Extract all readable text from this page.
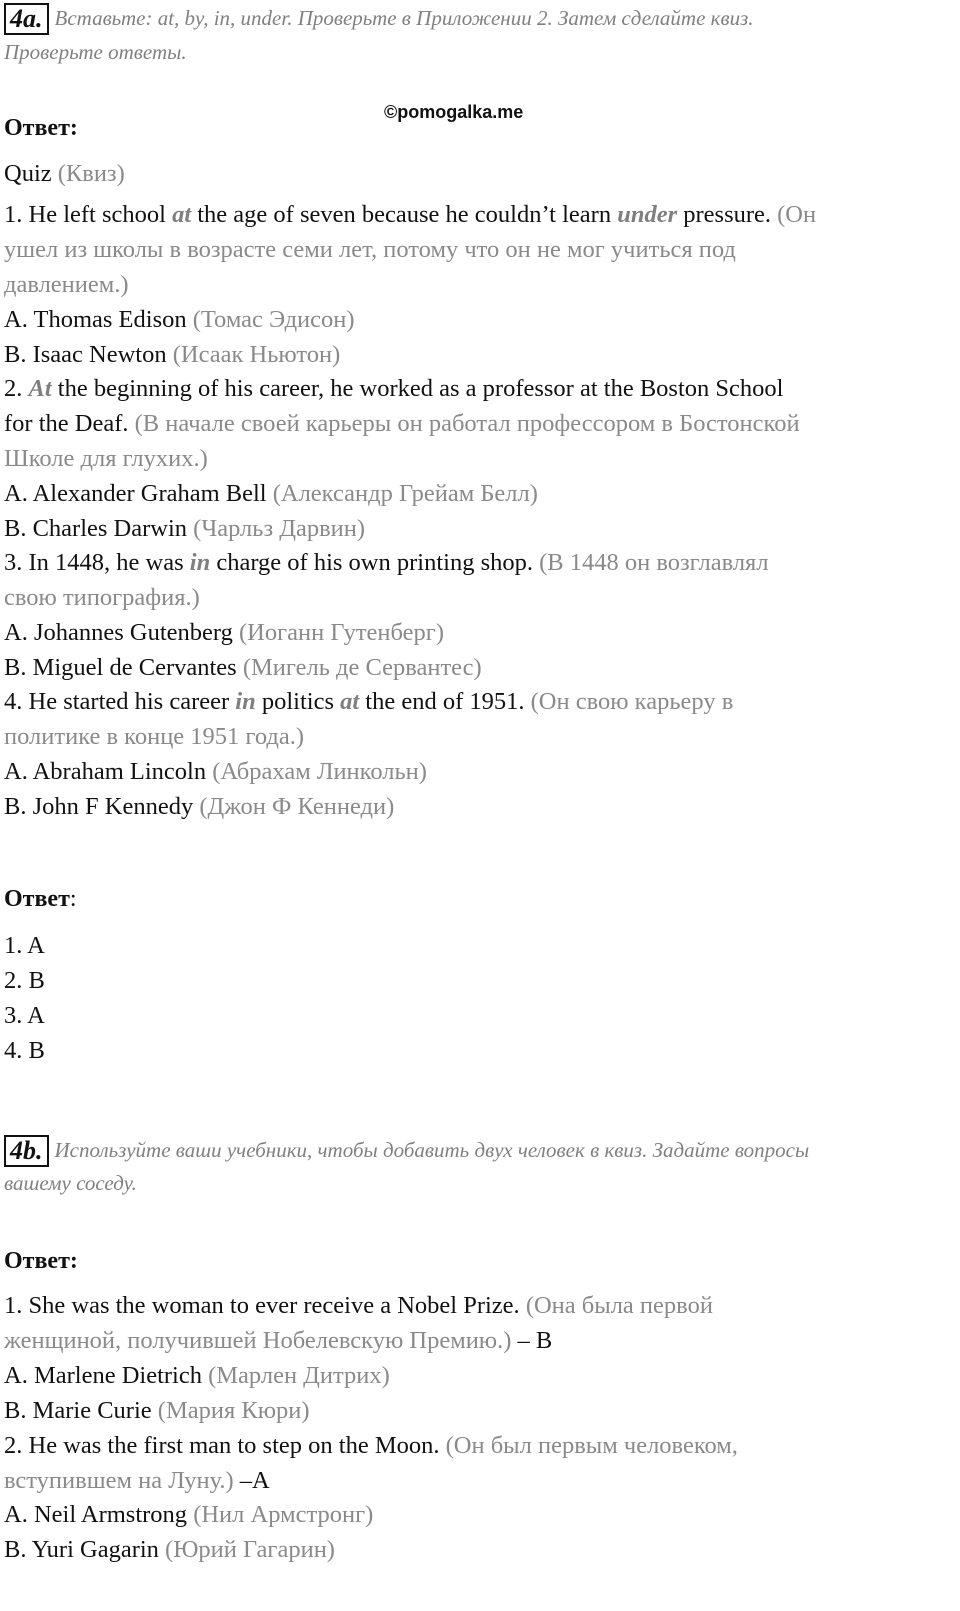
4a. Вставьте: at, by, in, under. Проверьте в Приложении 2. Затем сделайте квиз.
Проверьте ответы.
©pomogalka.me
Ответ:
Quiz (Квиз)
1. He left school at the age of seven because he couldn’t learn under pressure. (Он
ушел из школы в возрасте семи лет, потому что он не мог учиться под
давлением.)
A. Thomas Edison (Томас Эдисон)
B. Isaac Newton (Исаак Ньютон)
2. At the beginning of his career, he worked as a professor at the Boston School
for the Deaf. (В начале своей карьеры он работал профессором в Бостонской
Школе для глухих.)
A. Alexander Graham Bell (Александр Грейам Белл)
B. Charles Darwin (Чарльз Дарвин)
3. In 1448, he was in charge of his own printing shop. (В 1448 он возглавлял
свою типография.)
A. Johannes Gutenberg (Иоганн Гутенберг)
B. Miguel de Cervantes (Мигель де Сервантес)
4. He started his career in politics at the end of 1951. (Он свою карьеру в
политике в конце 1951 года.)
A. Abraham Lincoln (Абрахам Линкольн)
B. John F Kennedy (Джон Ф Кеннеди)
Ответ:
1. A
2. B
3. A
4. B
4b. Используйте ваши учебники, чтобы добавить двух человек в квиз. Задайте вопросы
вашему соседу.
Ответ:
1. She was the woman to ever receive a Nobel Prize. (Она была первой
женщиной, получившей Нобелевскую Премию.) – B
A. Marlene Dietrich (Марлен Дитрих)
B. Marie Curie (Мария Кюри)
2. He was the first man to step on the Moon. (Он был первым человеком,
вступившем на Луну.) –A
A. Neil Armstrong (Нил Армстронг)
B. Yuri Gagarin (Юрий Гагарин)
